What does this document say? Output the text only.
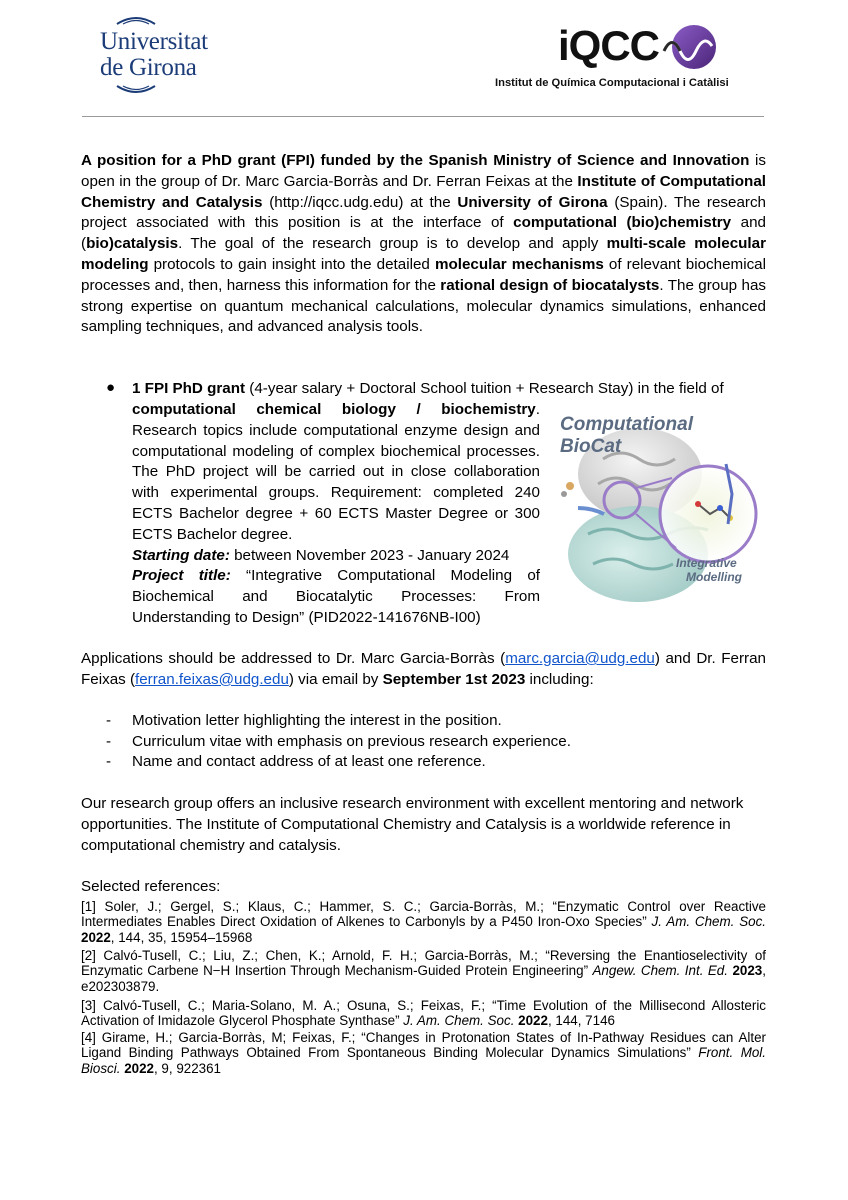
Universitat
de Girona	iQCC
Institut de Química Computacional i Catàlisi
A position for a PhD grant (FPI) funded by the Spanish Ministry of Science and Innovation is open in the group of Dr. Marc Garcia-Borràs and Dr. Ferran Feixas at the Institute of Computational Chemistry and Catalysis (http://iqcc.udg.edu) at the University of Girona (Spain). The research project associated with this position is at the interface of computational (bio)chemistry and (bio)catalysis. The goal of the research group is to develop and apply multi-scale molecular modeling protocols to gain insight into the detailed molecular mechanisms of relevant biochemical processes and, then, harness this information for the rational design of biocatalysts. The group has strong expertise on quantum mechanical calculations, molecular dynamics simulations, enhanced sampling techniques, and advanced analysis tools.
● 1 FPI PhD grant (4-year salary + Doctoral School tuition + Research Stay) in the field of
computational chemical biology / biochemistry. Research topics include computational enzyme design and computational modeling of complex biochemical processes. The PhD project will be carried out in close collaboration with experimental groups. Requirement: completed 240 ECTS Bachelor degree + 60 ECTS Master Degree or 300 ECTS Bachelor degree.
Starting date: between November 2023 - January 2024
Project title: “Integrative Computational Modeling of Biochemical and Biocatalytic Processes: From Understanding to Design” (PID2022-141676NB-I00)
Computational
BioCat
Integrative
Modelling
Applications should be addressed to Dr. Marc Garcia-Borràs (marc.garcia@udg.edu) and Dr. Ferran Feixas (ferran.feixas@udg.edu) via email by September 1st 2023 including:
- Motivation letter highlighting the interest in the position.
- Curriculum vitae with emphasis on previous research experience.
- Name and contact address of at least one reference.
Our research group offers an inclusive research environment with excellent mentoring and network opportunities. The Institute of Computational Chemistry and Catalysis is a worldwide reference in computational chemistry and catalysis.
Selected references:
[1] Soler, J.; Gergel, S.; Klaus, C.; Hammer, S. C.; Garcia-Borràs, M.; “Enzymatic Control over Reactive Intermediates Enables Direct Oxidation of Alkenes to Carbonyls by a P450 Iron-Oxo Species” J. Am. Chem. Soc. 2022, 144, 35, 15954–15968
[2] Calvó-Tusell, C.; Liu, Z.; Chen, K.; Arnold, F. H.; Garcia-Borràs, M.; “Reversing the Enantioselectivity of Enzymatic Carbene N−H Insertion Through Mechanism-Guided Protein Engineering” Angew. Chem. Int. Ed. 2023, e202303879.
[3] Calvó-Tusell, C.; Maria-Solano, M. A.; Osuna, S.; Feixas, F.; “Time Evolution of the Millisecond Allosteric Activation of Imidazole Glycerol Phosphate Synthase” J. Am. Chem. Soc. 2022, 144, 7146
[4] Girame, H.; Garcia-Borràs, M; Feixas, F.; “Changes in Protonation States of In-Pathway Residues can Alter Ligand Binding Pathways Obtained From Spontaneous Binding Molecular Dynamics Simulations” Front. Mol. Biosci. 2022, 9, 922361
